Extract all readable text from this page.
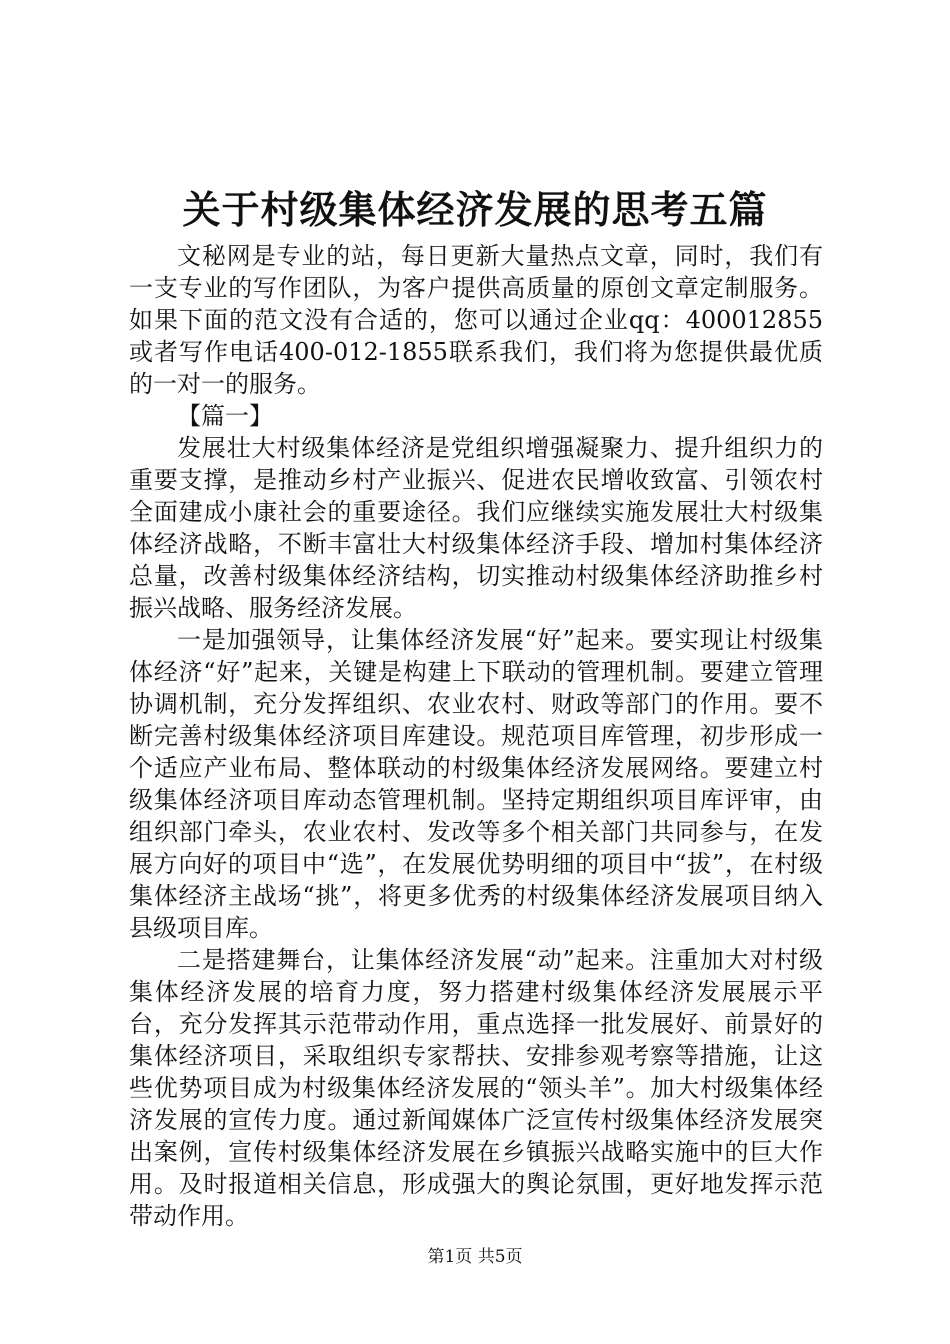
关于村级集体经济发展的思考五篇

文秘网是专业的站，每日更新大量热点文章，同时，我们有一支专业的写作团队，为客户提供高质量的原创文章定制服务。如果下面的范文没有合适的，您可以通过企业qq：400012855或者写作电话400-012-1855联系我们，我们将为您提供最优质的一对一的服务。

【篇一】

发展壮大村级集体经济是党组织增强凝聚力、提升组织力的重要支撑，是推动乡村产业振兴、促进农民增收致富、引领农村全面建成小康社会的重要途径。我们应继续实施发展壮大村级集体经济战略，不断丰富壮大村级集体经济手段、增加村集体经济总量，改善村级集体经济结构，切实推动村级集体经济助推乡村振兴战略、服务经济发展。

一是加强领导，让集体经济发展“好”起来。要实现让村级集体经济“好”起来，关键是构建上下联动的管理机制。要建立管理协调机制，充分发挥组织、农业农村、财政等部门的作用。要不断完善村级集体经济项目库建设。规范项目库管理，初步形成一个适应产业布局、整体联动的村级集体经济发展网络。要建立村级集体经济项目库动态管理机制。坚持定期组织项目库评审，由组织部门牵头，农业农村、发改等多个相关部门共同参与，在发展方向好的项目中“选”，在发展优势明细的项目中“拔”，在村级集体经济主战场“挑”，将更多优秀的村级集体经济发展项目纳入县级项目库。

二是搭建舞台，让集体经济发展“动”起来。注重加大对村级集体经济发展的培育力度，努力搭建村级集体经济发展展示平台，充分发挥其示范带动作用，重点选择一批发展好、前景好的集体经济项目，采取组织专家帮扶、安排参观考察等措施，让这些优势项目成为村级集体经济发展的“领头羊”。加大村级集体经济发展的宣传力度。通过新闻媒体广泛宣传村级集体经济发展突出案例，宣传村级集体经济发展在乡镇振兴战略实施中的巨大作用。及时报道相关信息，形成强大的舆论氛围，更好地发挥示范带动作用。

第1页 共5页
